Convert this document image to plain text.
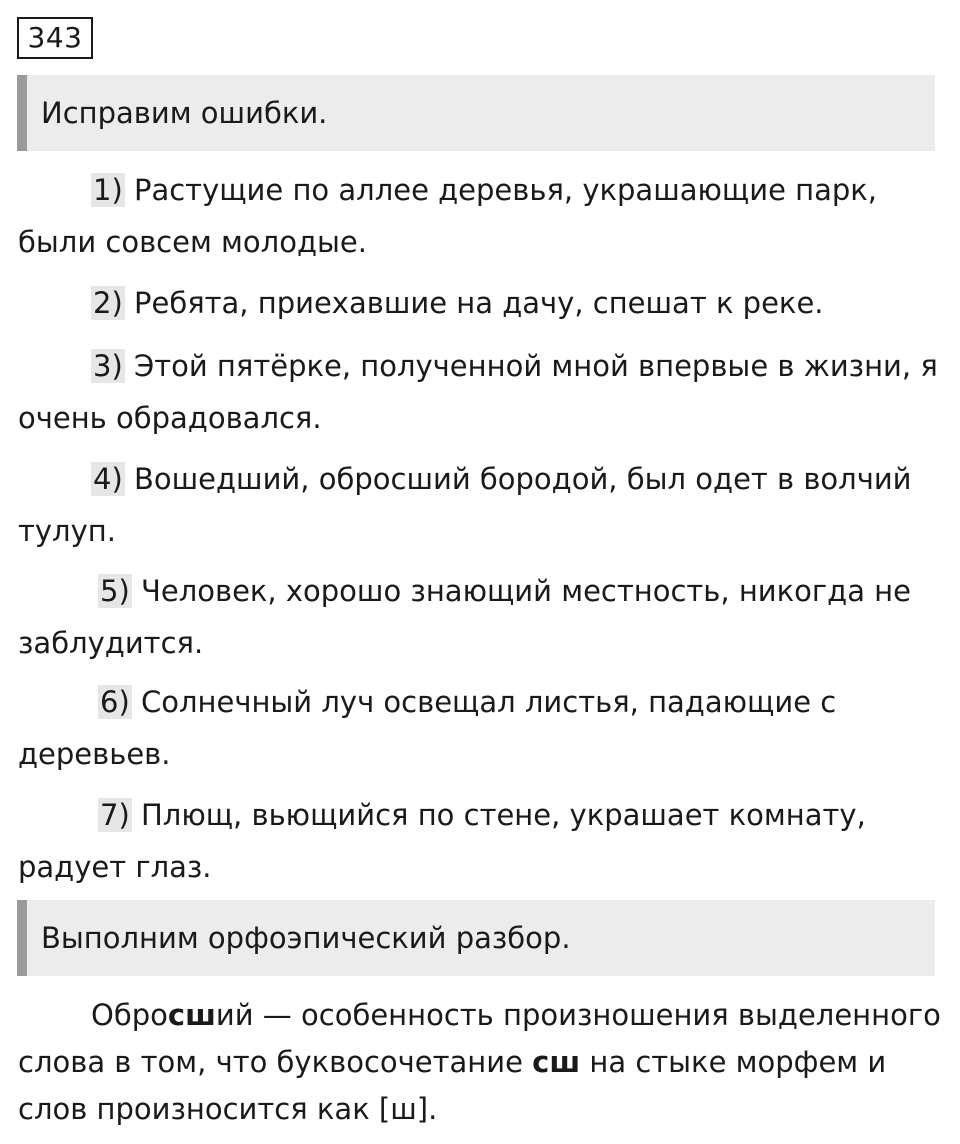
343
Исправим ошибки.

1) Растущие по аллее деревья, украшающие парк, были совсем молодые.

2) Ребята, приехавшие на дачу, спешат к реке.

3) Этой пятёрке, полученной мной впервые в жизни, я очень обрадовался.

4) Вошедший, обросший бородой, был одет в волчий тулуп.

5) Человек, хорошо знающий местность, никогда не заблудится.

6) Солнечный луч освещал листья, падающие с деревьев.

7) Плющ, вьющийся по стене, украшает комнату, радует глаз.

Выполним орфоэпический разбор.

Обросший — особенность произношения выделенного слова в том, что буквосочетание сш на стыке морфем и слов произносится как [ш].
